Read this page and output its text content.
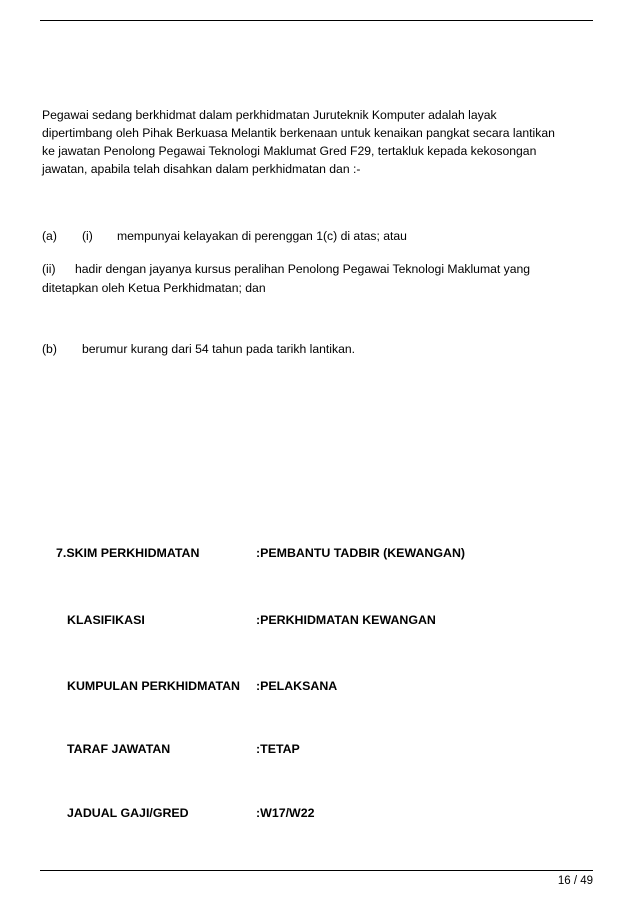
Pegawai sedang berkhidmat dalam perkhidmatan Juruteknik Komputer adalah layak
dipertimbang oleh Pihak Berkuasa Melantik berkenaan untuk kenaikan pangkat secara lantikan
ke jawatan Penolong Pegawai Teknologi Maklumat Gred F29, tertakluk kepada kekosongan
jawatan, apabila telah disahkan dalam perkhidmatan dan :-
(a) (i) mempunyai kelayakan di perenggan 1(c) di atas; atau
(ii) hadir dengan jayanya kursus peralihan Penolong Pegawai Teknologi Maklumat yang
ditetapkan oleh Ketua Perkhidmatan; dan
(b) berumur kurang dari 54 tahun pada tarikh lantikan.
7.SKIM PERKHIDMATAN	:PEMBANTU TADBIR (KEWANGAN)
KLASIFIKASI	:PERKHIDMATAN KEWANGAN
KUMPULAN PERKHIDMATAN :PELAKSANA
TARAF JAWATAN	:TETAP
JADUAL GAJI/GRED	:W17/W22
16 / 49
